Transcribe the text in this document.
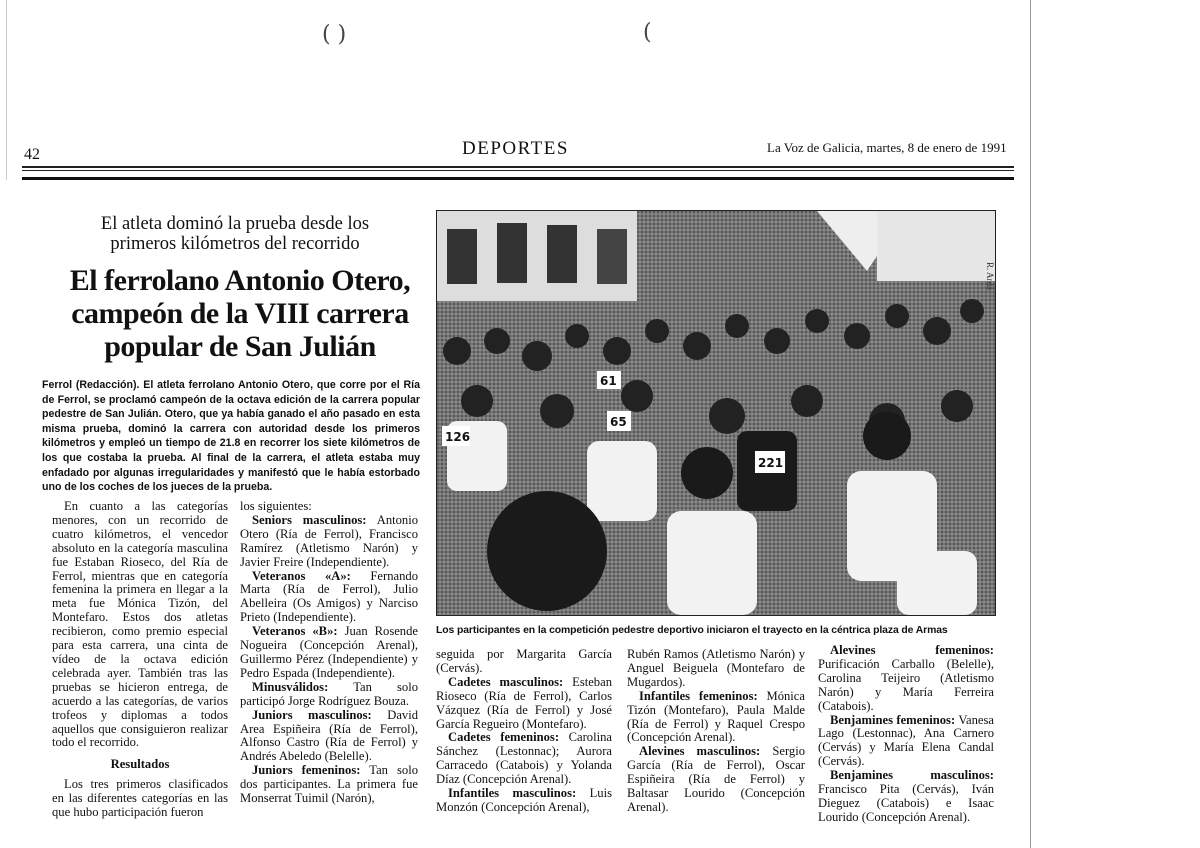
( )	(
42	DEPORTES	La Voz de Galicia, martes, 8 de enero de 1991
El atleta dominó la prueba desde los
primeros kilómetros del recorrido
El ferrolano Antonio Otero,
campeón de la VIII carrera
popular de San Julián
Ferrol (Redacción). El atleta ferrolano Antonio Otero, que corre por el Ría de Ferrol, se proclamó campeón de la octava edición de la carrera popular pedestre de San Julián. Otero, que ya había ganado el año pasado en esta misma prueba, dominó la carrera con autoridad desde los primeros kilómetros y empleó un tiempo de 21.8 en recorrer los siete kilómetros de los que costaba la prueba. Al final de la carrera, el atleta estaba muy enfadado por algunas irregularidades y manifestó que le había estorbado uno de los coches de los jueces de la prueba.

En cuanto a las categorías menores, con un recorrido de cuatro kilómetros, el vencedor absoluto en la categoría masculina fue Estaban Rioseco, del Ría de Ferrol, mientras que en categoría femenina la primera en llegar a la meta fue Mónica Tizón, del Montefaro. Estos dos atletas recibieron, como premio especial para esta carrera, una cinta de vídeo de la octava edición celebrada ayer. También tras las pruebas se hicieron entrega, de acuerdo a las categorías, de varios trofeos y diplomas a todos aquellos que consiguieron realizar todo el recorrido.

Resultados

Los tres primeros clasificados en las diferentes categorías en las que hubo participación fueron

los siguientes:

Seniors masculinos: Antonio Otero (Ría de Ferrol), Francisco Ramírez (Atletismo Narón) y Javier Freire (Independiente).

Veteranos «A»: Fernando Marta (Ría de Ferrol), Julio Abelleira (Os Amigos) y Narciso Prieto (Independiente).

Veteranos «B»: Juan Rosende Nogueira (Concepción Arenal), Guillermo Pérez (Independiente) y Pedro Espada (Independiente).

Minusválidos: Tan solo participó Jorge Rodríguez Bouza.

Juniors masculinos: David Area Espiñeira (Ría de Ferrol), Alfonso Castro (Ría de Ferrol) y Andrés Abeledo (Belelle).

Juniors femeninos: Tan solo dos participantes. La primera fue Monserrat Tuimil (Narón),

126
65
221
61
R. Ardá
Los participantes en la competición pedestre deportivo iniciaron el trayecto en la céntrica plaza de Armas

seguida por Margarita García (Cervás).

Cadetes masculinos: Esteban Rioseco (Ría de Ferrol), Carlos Vázquez (Ría de Ferrol) y José García Regueiro (Montefaro).

Cadetes femeninos: Carolina Sánchez (Lestonnac); Aurora Carracedo (Catabois) y Yolanda Díaz (Concepción Arenal).

Infantiles masculinos: Luis Monzón (Concepción Arenal),

Rubén Ramos (Atletismo Narón) y Anguel Beiguela (Montefaro de Mugardos).

Infantiles femeninos: Mónica Tizón (Montefaro), Paula Malde (Ría de Ferrol) y Raquel Crespo (Concepción Arenal).

Alevines masculinos: Sergio García (Ría de Ferrol), Oscar Espiñeira (Ría de Ferrol) y Baltasar Lourido (Concepción Arenal).

Alevines femeninos: Purificación Carballo (Belelle), Carolina Teijeiro (Atletismo Narón) y María Ferreira (Catabois).

Benjamines femeninos: Vanesa Lago (Lestonnac), Ana Carnero (Cervás) y María Elena Candal (Cervás).

Benjamines masculinos: Francisco Pita (Cervás), Iván Dieguez (Catabois) e Isaac Lourido (Concepción Arenal).
